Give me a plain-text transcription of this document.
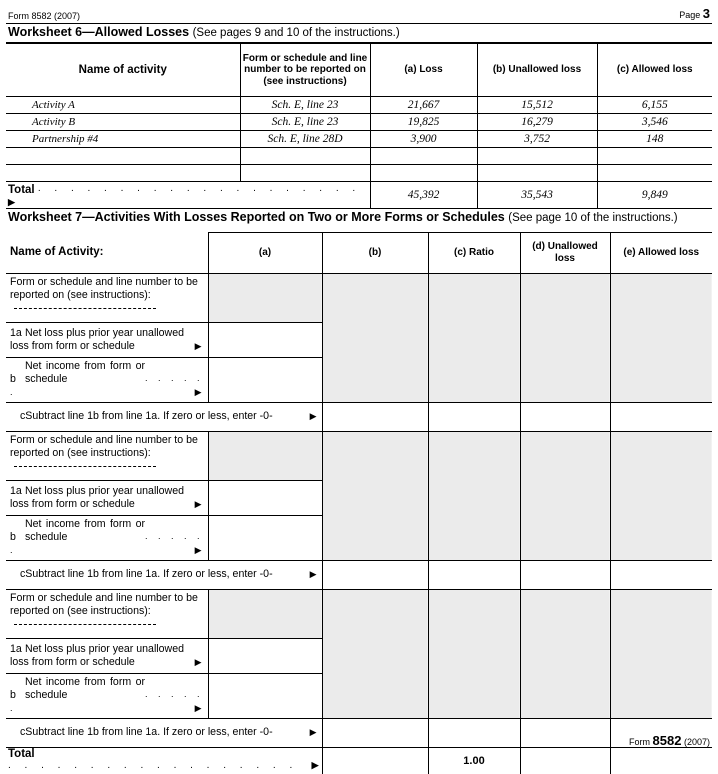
Form 8582 (2007)	Page 3
Worksheet 6—Allowed Losses (See pages 9 and 10 of the instructions.)
Name of activity	Form or schedule and line number to be reported on (see instructions)	(a) Loss	(b) Unallowed loss	(c) Allowed loss
Activity A	Sch. E, line 23	21,667	15,512	6,155
Activity B	Sch. E, line 23	19,825	16,279	3,546
Partnership #4	Sch. E, line 28D	3,900	3,752	148

Total . . . . . . . . . . . . . . . . . . . . ▶		45,392	35,543	9,849
Worksheet 7—Activities With Losses Reported on Two or More Forms or Schedules (See page 10 of the instructions.)
Name of Activity:	(a)	(b)	(c) Ratio	(d) Unallowed loss	(e) Allowed loss
Form or schedule and line number to be reported on (see instructions):					
1a Net loss plus prior year unallowed loss from form or schedule ▶					

bNet income from form or schedule . . . . . . ▶					

cSubtract line 1b from line 1a. If zero or less, enter -0- ▶					

Form or schedule and line number to be reported on (see instructions):					
1a Net loss plus prior year unallowed loss from form or schedule ▶					

bNet income from form or schedule . . . . . . ▶					

cSubtract line 1b from line 1a. If zero or less, enter -0- ▶					

Form or schedule and line number to be reported on (see instructions):					
1a Net loss plus prior year unallowed loss from form or schedule ▶					

bNet income from form or schedule . . . . . . ▶					

cSubtract line 1b from line 1a. If zero or less, enter -0- ▶					

Total . . . . . . . . . . . . . . . . . . ▶			1.00		
Form 8582 (2007)
